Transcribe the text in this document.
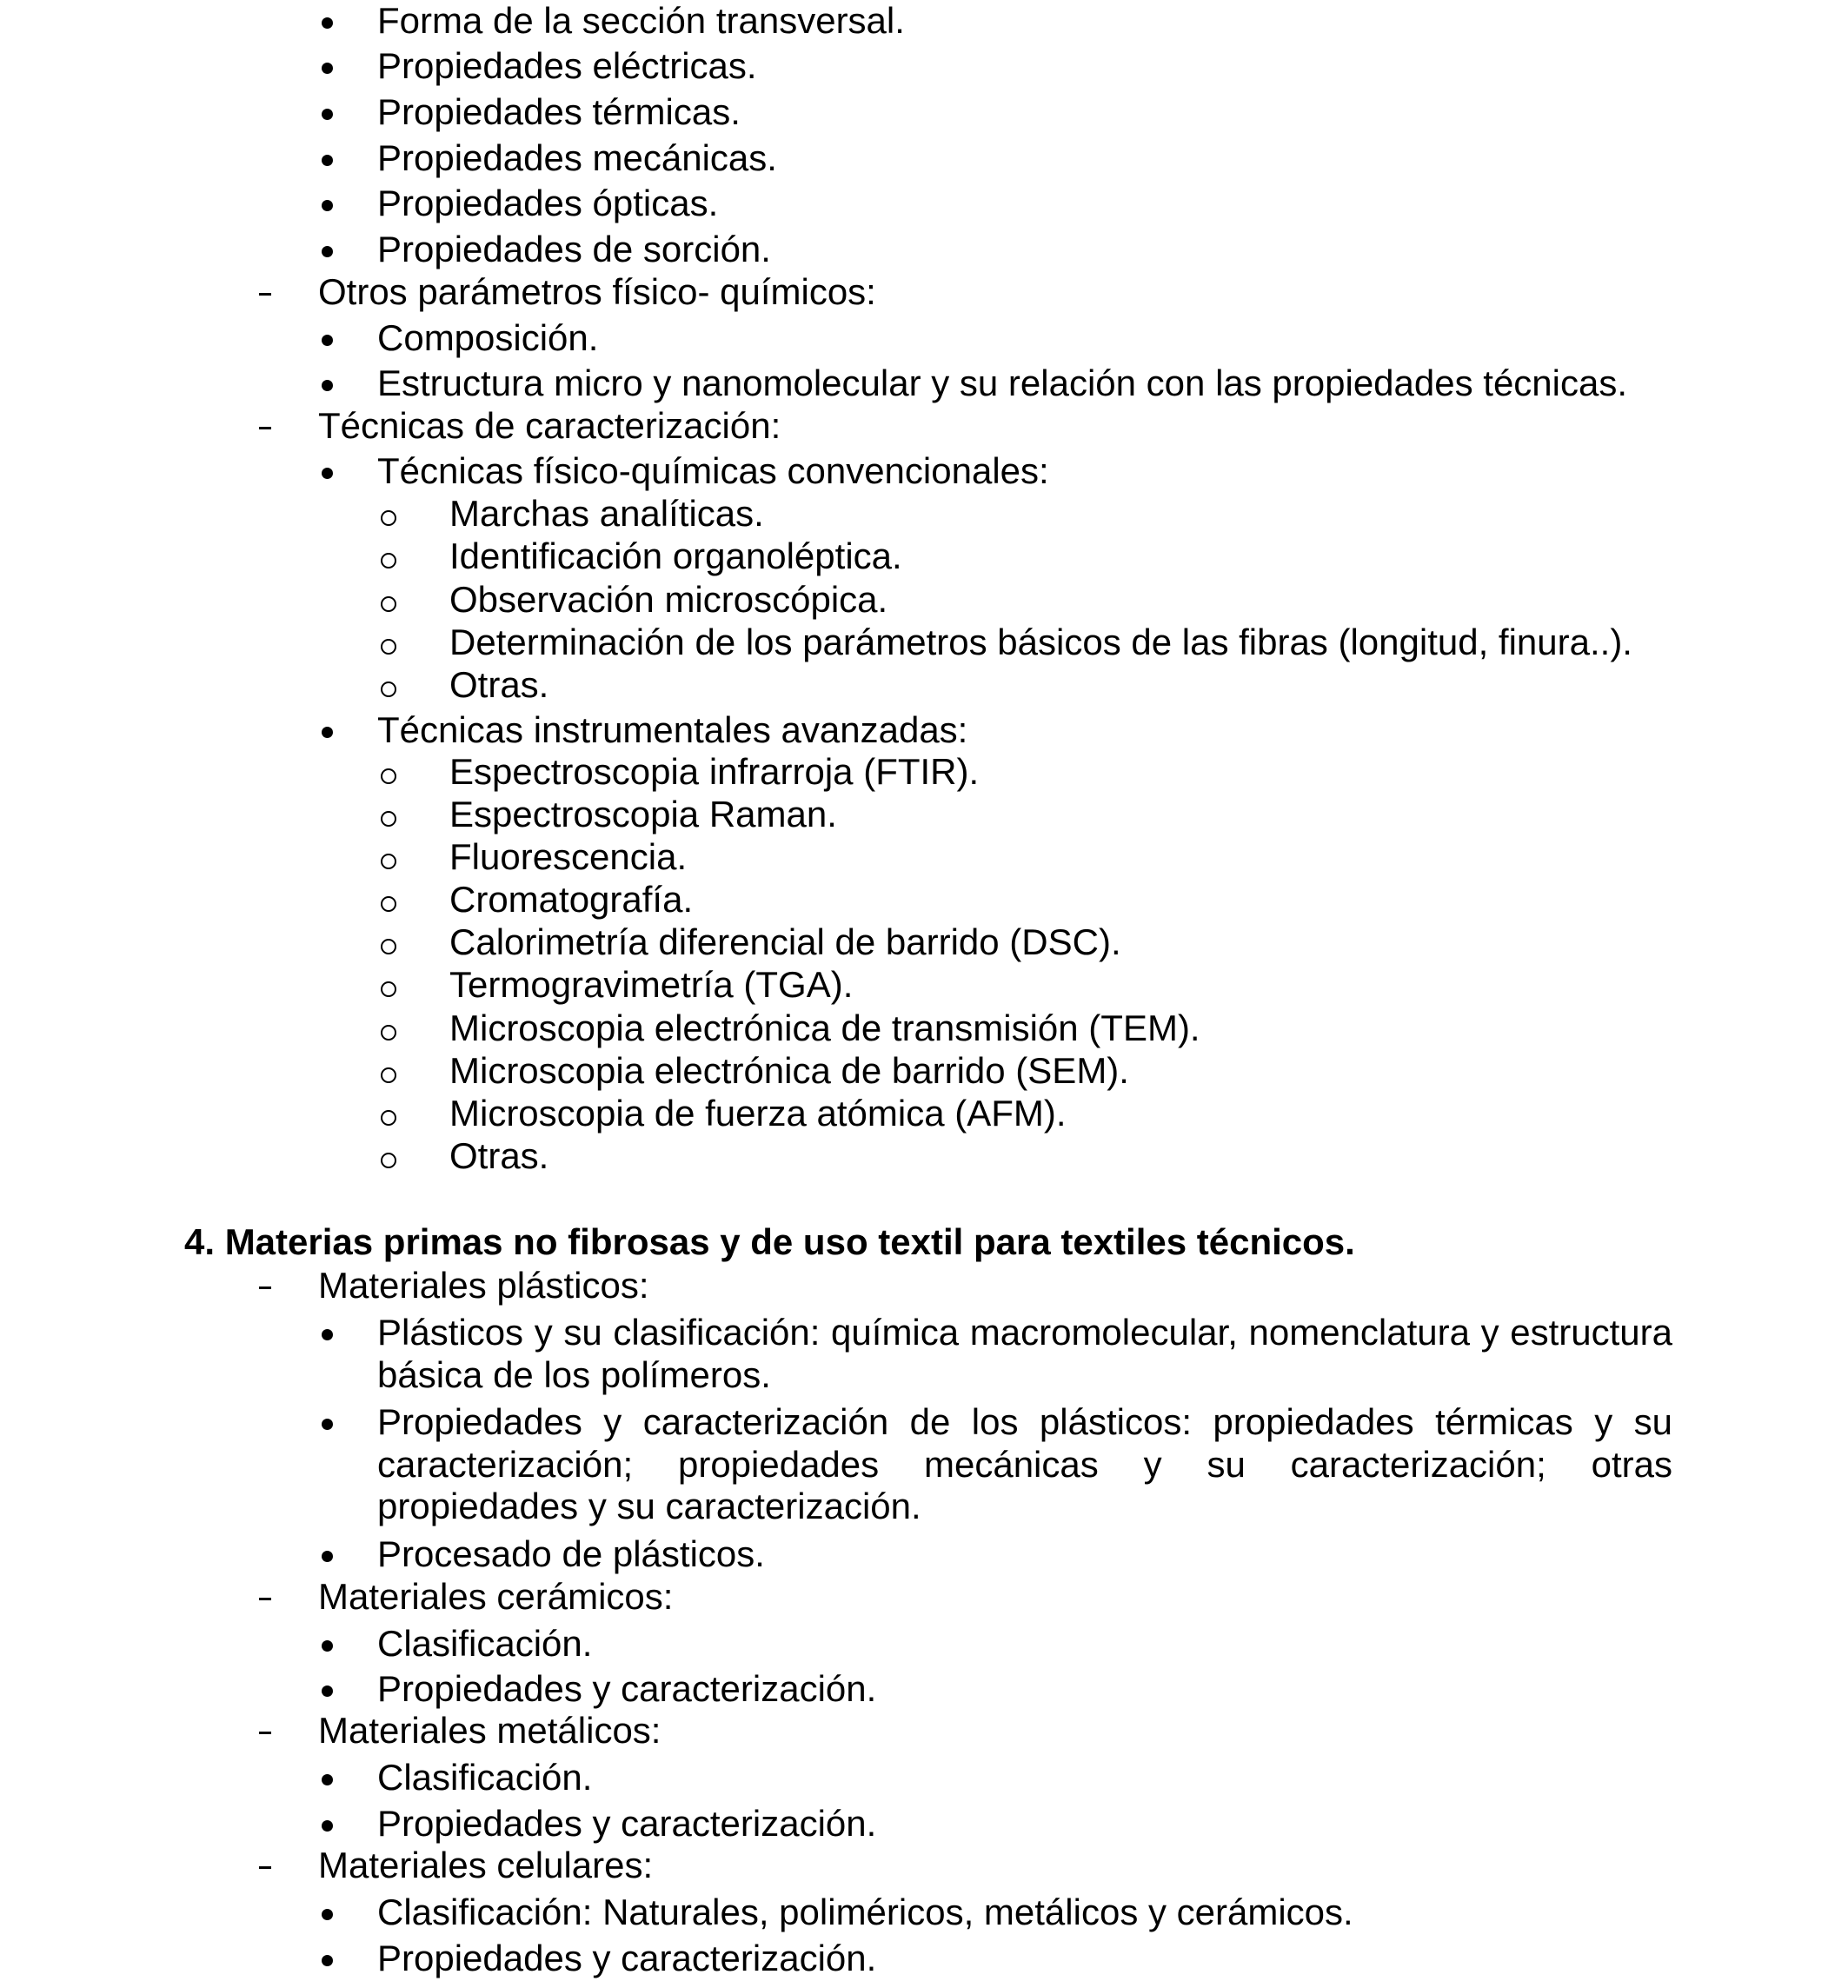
Forma de la sección transversal.
Propiedades eléctricas.
Propiedades térmicas.
Propiedades mecánicas.
Propiedades ópticas.
Propiedades de sorción.
Otros parámetros físico- químicos:
Composición.
Estructura micro y nanomolecular y su relación con las propiedades técnicas.
Técnicas de caracterización:
Técnicas físico-químicas convencionales:
Marchas analíticas.
Identificación organoléptica.
Observación microscópica.
Determinación de los parámetros básicos de las fibras (longitud, finura..).
Otras.
Técnicas instrumentales avanzadas:
Espectroscopia infrarroja (FTIR).
Espectroscopia Raman.
Fluorescencia.
Cromatografía.
Calorimetría diferencial de barrido (DSC).
Termogravimetría (TGA).
Microscopia electrónica de transmisión (TEM).
Microscopia electrónica de barrido (SEM).
Microscopia de fuerza atómica (AFM).
Otras.
4. Materias primas no fibrosas y de uso textil para textiles técnicos.
Materiales plásticos:
Plásticos y su clasificación: química macromolecular, nomenclatura y estructura básica de los polímeros.
Propiedades y caracterización de los plásticos: propiedades térmicas y su caracterización; propiedades mecánicas y su caracterización; otras propiedades y su caracterización.
Procesado de plásticos.
Materiales cerámicos:
Clasificación.
Propiedades y caracterización.
Materiales metálicos:
Clasificación.
Propiedades y caracterización.
Materiales celulares:
Clasificación: Naturales, poliméricos, metálicos y cerámicos.
Propiedades y caracterización.
